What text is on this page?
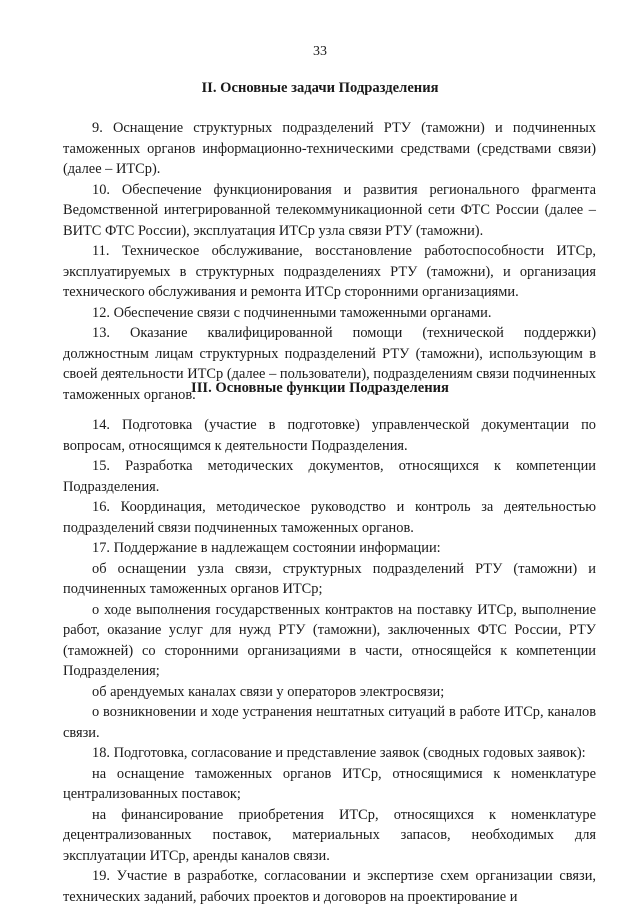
33
II. Основные задачи Подразделения

9. Оснащение структурных подразделений РТУ (таможни) и подчиненных таможенных органов информационно-техническими средствами (средствами связи) (далее – ИТСр).

10. Обеспечение функционирования и развития регионального фрагмента Ведомственной интегрированной телекоммуникационной сети ФТС России (далее – ВИТС ФТС России), эксплуатация ИТСр узла связи РТУ (таможни).

11. Техническое обслуживание, восстановление работоспособности ИТСр, эксплуатируемых в структурных подразделениях РТУ (таможни), и организация технического обслуживания и ремонта ИТСр сторонними организациями.

12. Обеспечение связи с подчиненными таможенными органами.

13. Оказание квалифицированной помощи (технической поддержки) должностным лицам структурных подразделений РТУ (таможни), использующим в своей деятельности ИТСр (далее – пользователи), подразделениям связи подчиненных таможенных органов.

III. Основные функции Подразделения

14. Подготовка (участие в подготовке) управленческой документации по вопросам, относящимся к деятельности Подразделения.

15. Разработка методических документов, относящихся к компетенции Подразделения.

16. Координация, методическое руководство и контроль за деятельностью подразделений связи подчиненных таможенных органов.

17. Поддержание в надлежащем состоянии информации:

об оснащении узла связи, структурных подразделений РТУ (таможни) и подчиненных таможенных органов ИТСр;

о ходе выполнения государственных контрактов на поставку ИТСр, выполнение работ, оказание услуг для нужд РТУ (таможни), заключенных ФТС России, РТУ (таможней) со сторонними организациями в части, относящейся к компетенции Подразделения;

об арендуемых каналах связи у операторов электросвязи;

о возникновении и ходе устранения нештатных ситуаций в работе ИТСр, каналов связи.

18. Подготовка, согласование и представление заявок (сводных годовых заявок):

на оснащение таможенных органов ИТСр, относящимися к номенклатуре централизованных поставок;

на финансирование приобретения ИТСр, относящихся к номенклатуре децентрализованных поставок, материальных запасов, необходимых для эксплуатации ИТСр, аренды каналов связи.

19. Участие в разработке, согласовании и экспертизе схем организации связи, технических заданий, рабочих проектов и договоров на проектирование и
